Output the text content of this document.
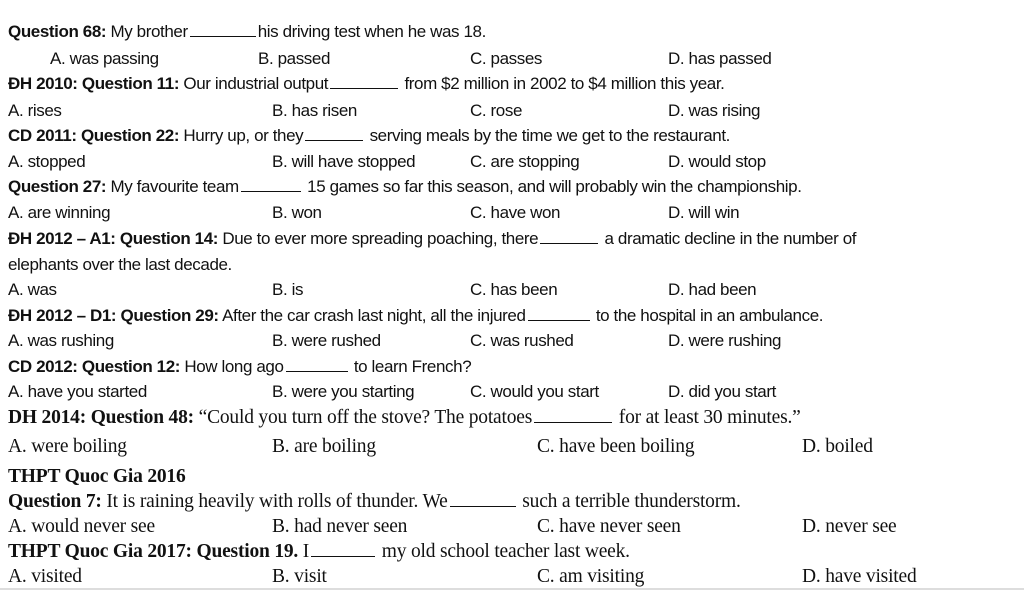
Question 68: My brother	his driving test when he was 18.
A. was passing	B. passed	C. passes	D. has passed
ĐH 2010: Question 11: Our industrial output	from $2 million in 2002 to $4 million this year.
A. rises	B. has risen	C. rose	D. was rising
CD 2011: Question 22: Hurry up, or they	serving meals by the time we get to the restaurant.
A. stopped	B. will have stopped	C. are stopping	D. would stop
Question 27: My favourite team	15 games so far this season, and will probably win the championship.
A. are winning	B. won	C. have won	D. will win
ĐH 2012 – A1: Question 14: Due to ever more spreading poaching, there	a dramatic decline in the number of
elephants over the last decade.
A. was	B. is	C. has been	D. had been
ĐH 2012 – D1: Question 29: After the car crash last night, all the injured	to the hospital in an ambulance.
A. was rushing	B. were rushed	C. was rushed	D. were rushing
CD 2012: Question 12: How long ago	to learn French?
A. have you started	B. were you starting	C. would you start	D. did you start
DH 2014: Question 48: “Could you turn off the stove? The potatoes	for at least 30 minutes.”
A. were boiling	B. are boiling	C. have been boiling	D. boiled
THPT Quoc Gia 2016
Question 7: It is raining heavily with rolls of thunder. We	such a terrible thunderstorm.
A. would never see	B. had never seen	C. have never seen	D. never see
THPT Quoc Gia 2017: Question 19. I	my old school teacher last week.
A. visited	B. visit	C. am visiting	D. have visited
